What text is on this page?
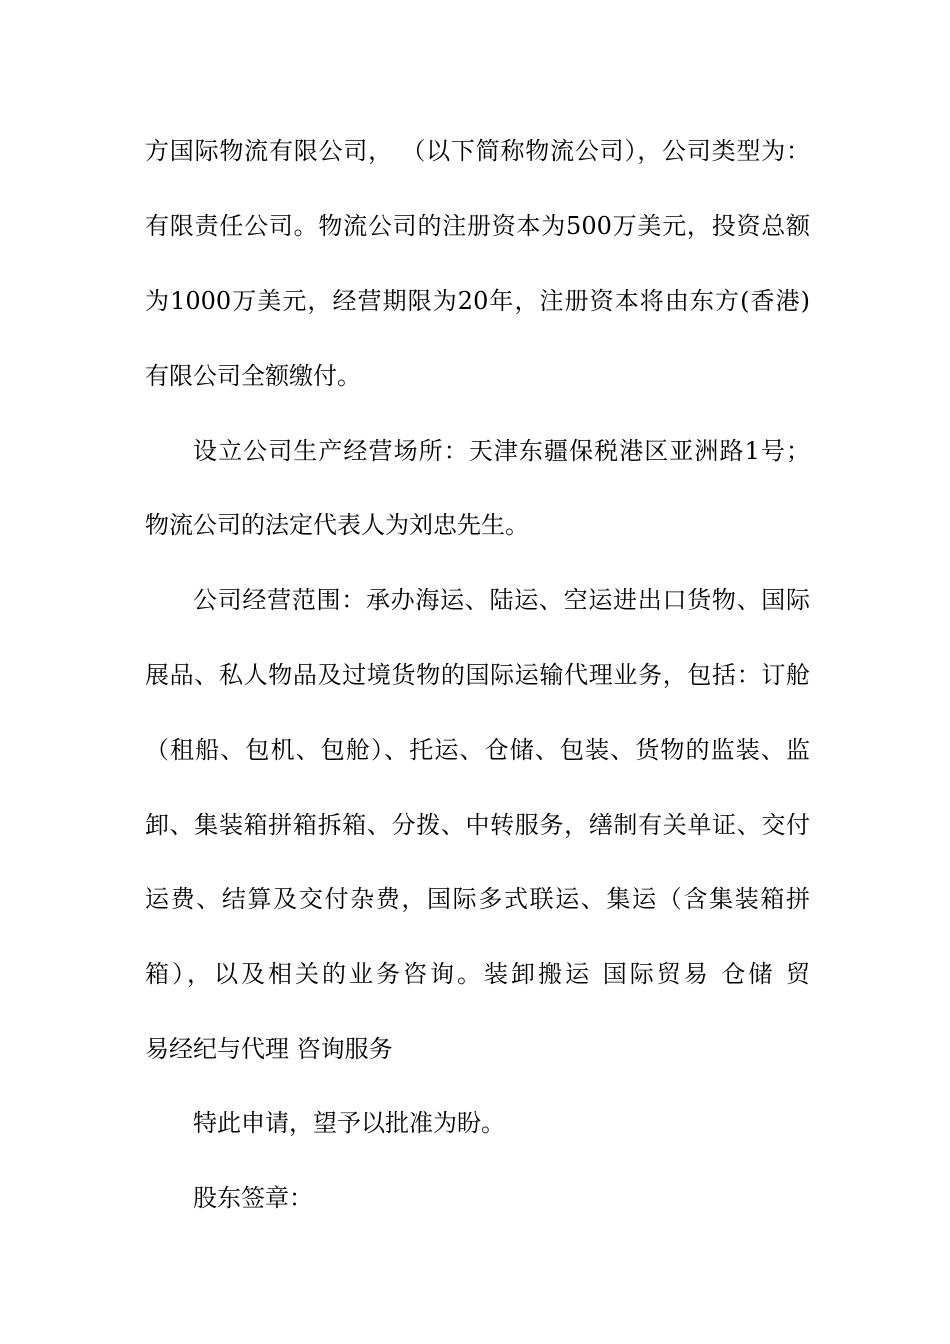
方国际物流有限公司， （以下简称物流公司），公司类型为：
有限责任公司。物流公司的注册资本为500万美元，投资总额
为1000万美元，经营期限为20年，注册资本将由东方(香港)
有限公司全额缴付。
设立公司生产经营场所：天津东疆保税港区亚洲路1号；
物流公司的法定代表人为刘忠先生。
公司经营范围：承办海运、陆运、空运进出口货物、国际
展品、私人物品及过境货物的国际运输代理业务，包括：订舱
（租船、包机、包舱）、托运、仓储、包装、货物的监装、监
卸、集装箱拼箱拆箱、分拨、中转服务，缮制有关单证、交付
运费、结算及交付杂费，国际多式联运、集运（含集装箱拼
箱），以及相关的业务咨询。装卸搬运 国际贸易 仓储 贸
易经纪与代理 咨询服务
特此申请，望予以批准为盼。
股东签章：
